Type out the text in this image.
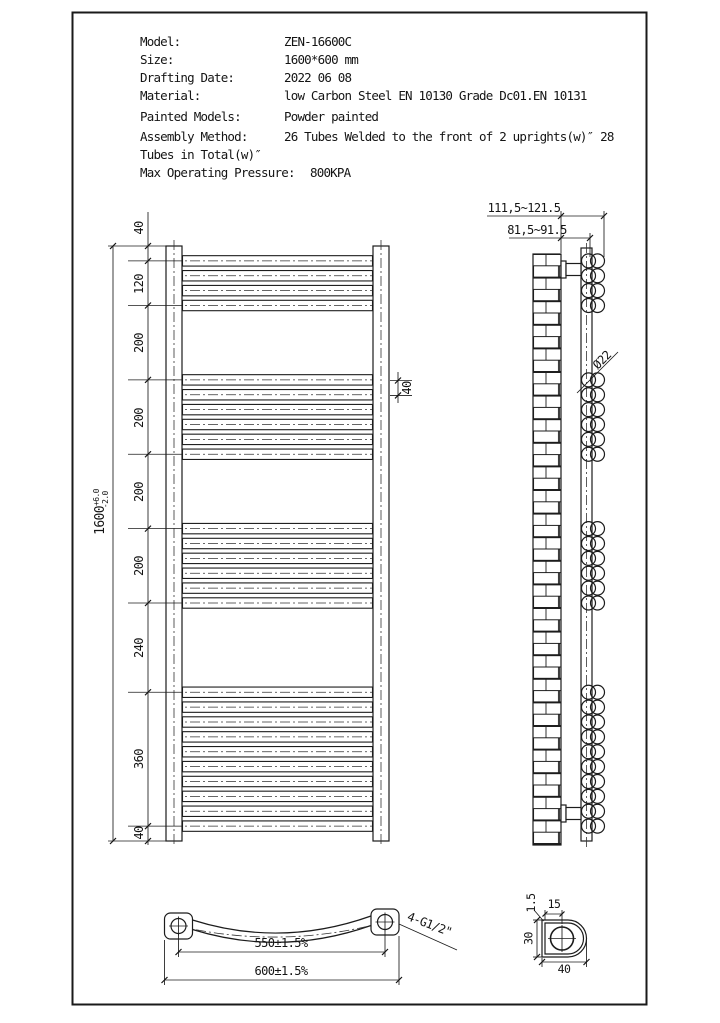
Model:	ZEN-16600C
Size:	1600*600 mm
Drafting Date:	2022 06 08
Material:	low Carbon Steel EN 10130 Grade Dc01.EN 10131
Painted Models:	Powder painted
Assembly Method:	26 Tubes Welded to the front of 2 uprights(w)″ 28
Tubes in Total(w)″
Max Operating Pressure: 800KPA
40
120
200
200
200
200
240
360
40
$1600^{+6.0}-2.0$
40
Ø22
111,5~121.5
81,5~91.5
550±1.5%
600±1.5%
4-G1/2"
1.5 15
30
40
